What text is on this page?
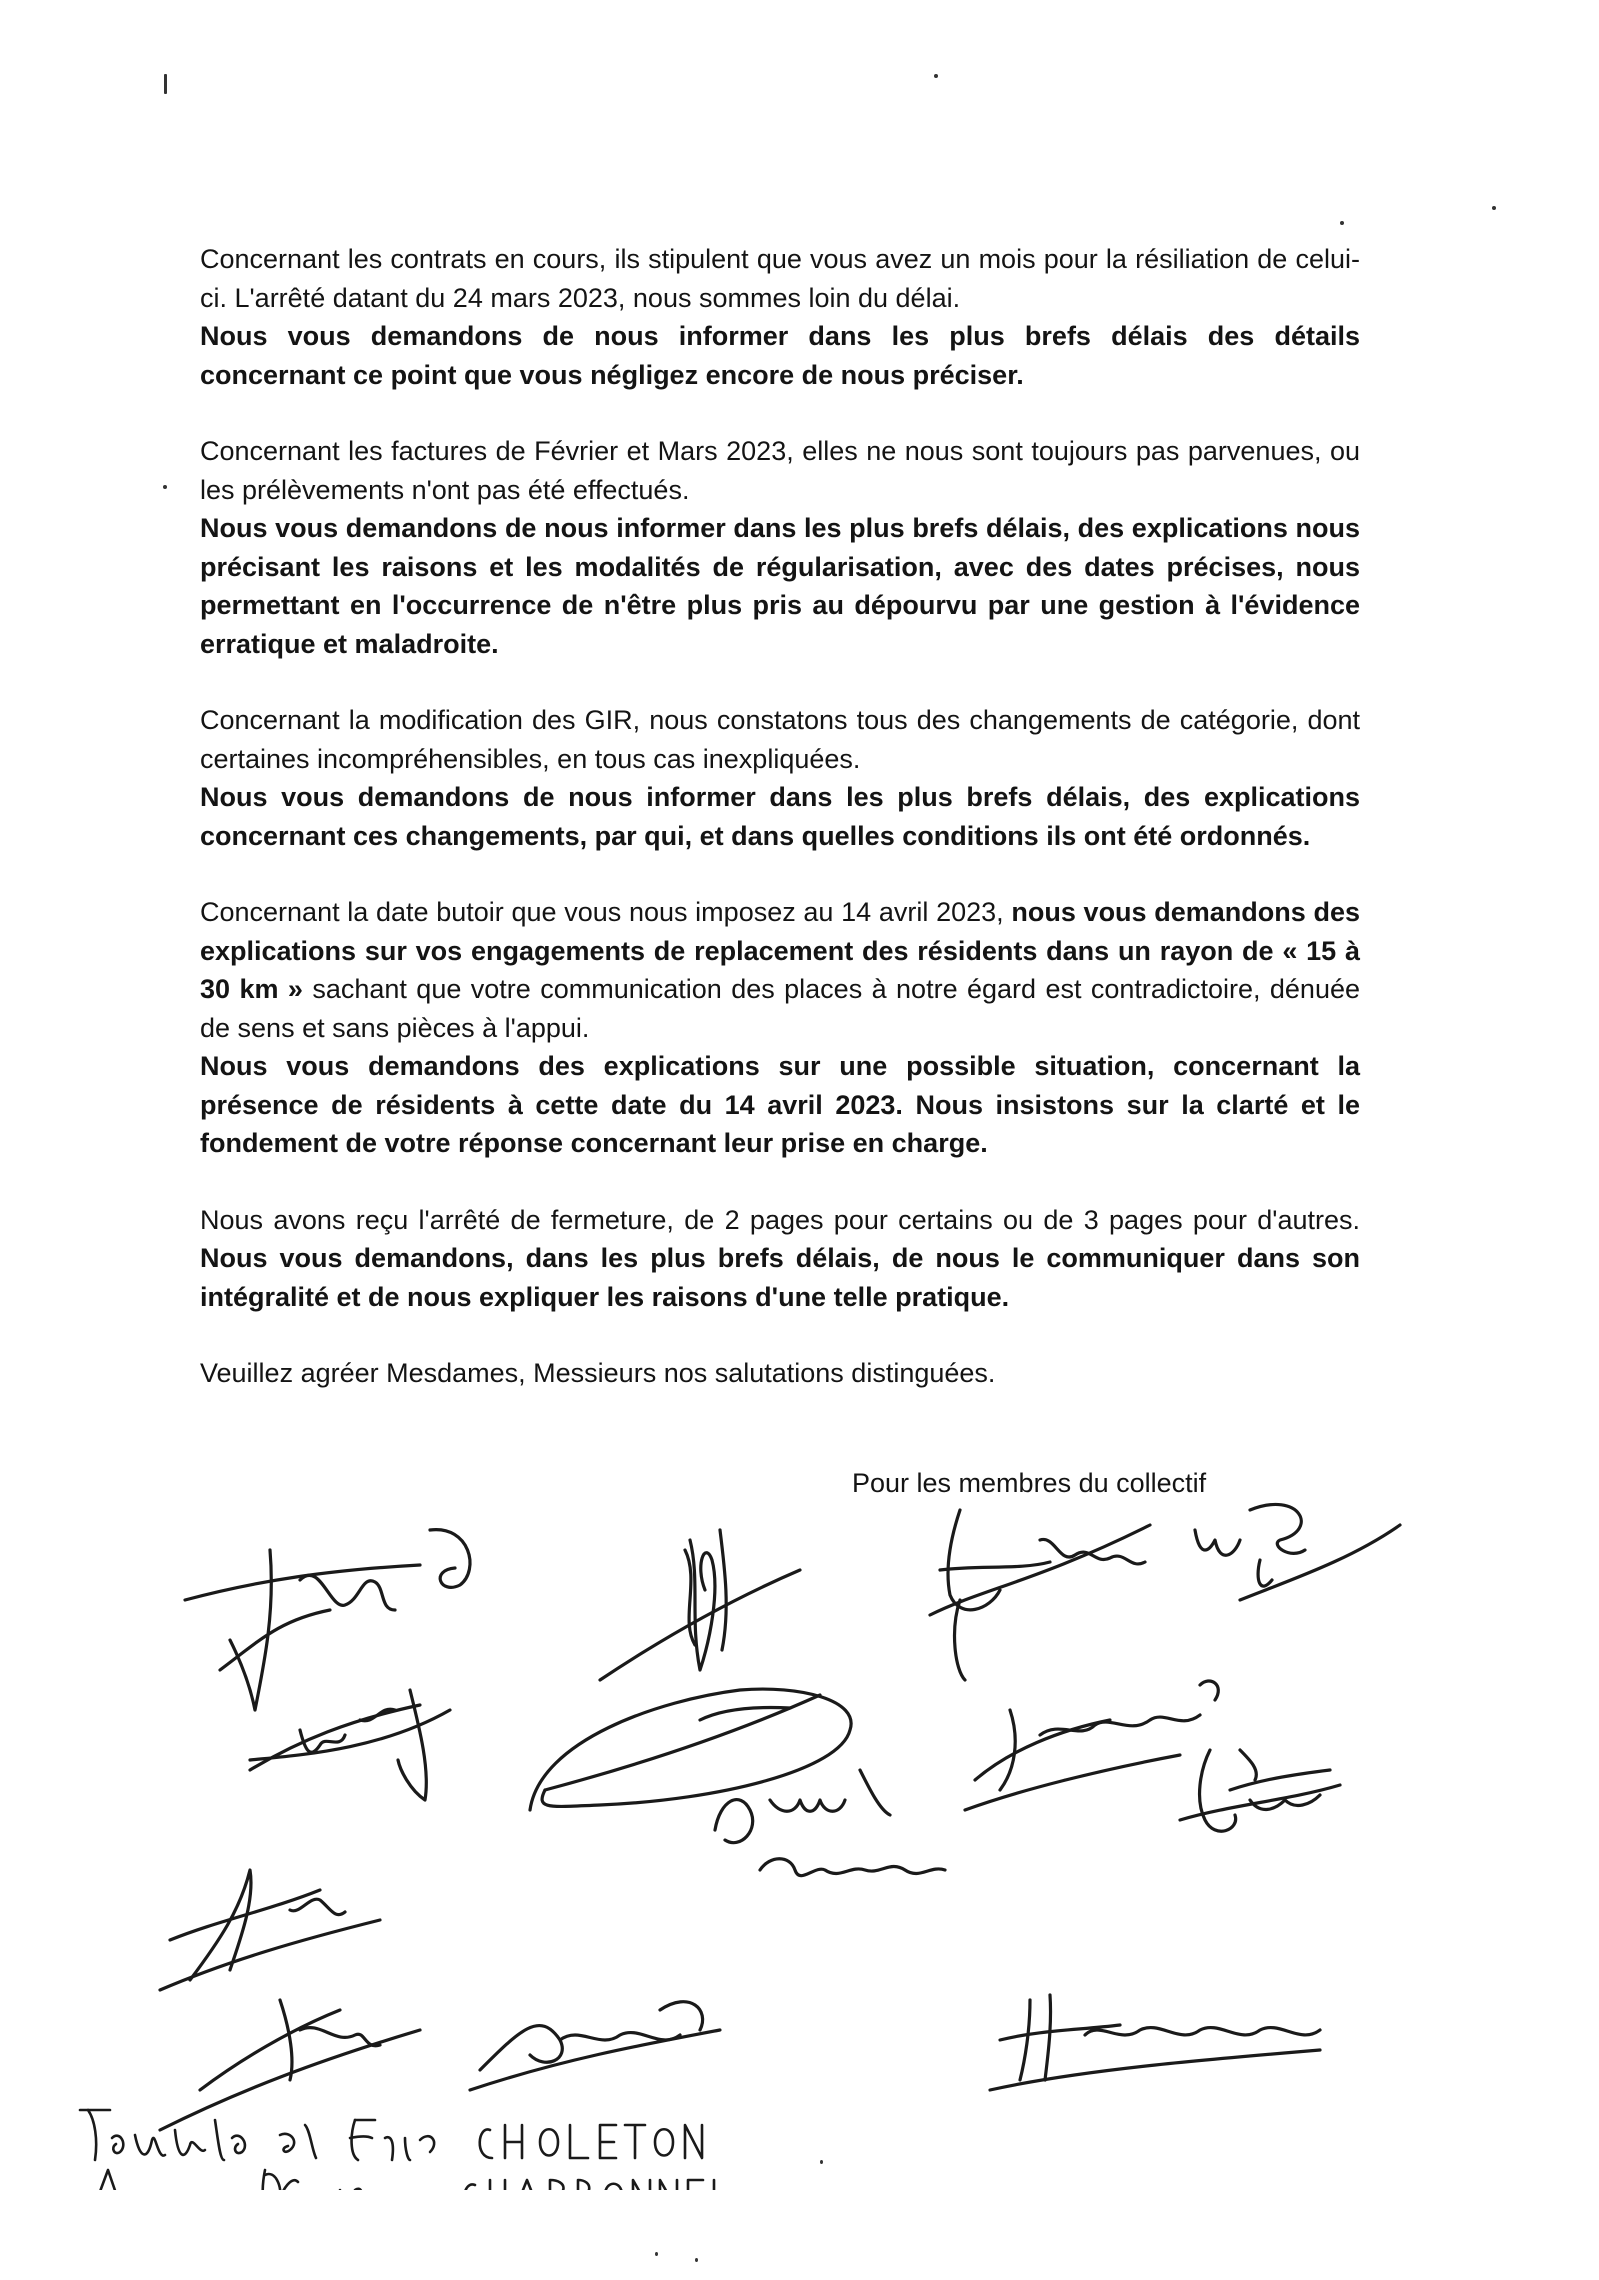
Concernant les contrats en cours, ils stipulent que vous avez un mois pour la résiliation de celui-ci. L'arrêté datant du 24 mars 2023, nous sommes loin du délai.
Nous vous demandons de nous informer dans les plus brefs délais des détails concernant ce point que vous négligez encore de nous préciser.

Concernant les factures de Février et Mars 2023, elles ne nous sont toujours pas parvenues, ou les prélèvements n'ont pas été effectués.
Nous vous demandons de nous informer dans les plus brefs délais, des explications nous précisant les raisons et les modalités de régularisation, avec des dates précises, nous permettant en l'occurrence de n'être plus pris au dépourvu par une gestion à l'évidence erratique et maladroite.

Concernant la modification des GIR, nous constatons tous des changements de catégorie, dont certaines incompréhensibles, en tous cas inexpliquées.
Nous vous demandons de nous informer dans les plus brefs délais, des explications concernant ces changements, par qui, et dans quelles conditions ils ont été ordonnés.

Concernant la date butoir que vous nous imposez au 14 avril 2023, nous vous demandons des explications sur vos engagements de replacement des résidents dans un rayon de « 15 à 30 km » sachant que votre communication des places à notre égard est contradictoire, dénuée de sens et sans pièces à l'appui.
Nous vous demandons des explications sur une possible situation, concernant la présence de résidents à cette date du 14 avril 2023. Nous insistons sur la clarté et le fondement de votre réponse concernant leur prise en charge.

Nous avons reçu l'arrêté de fermeture, de 2 pages pour certains ou de 3 pages pour d'autres. Nous vous demandons, dans les plus brefs délais, de nous le communiquer dans son intégralité et de nous expliquer les raisons d'une telle pratique.

Veuillez agréer Mesdames, Messieurs nos salutations distinguées.

Pour les membres du collectif
